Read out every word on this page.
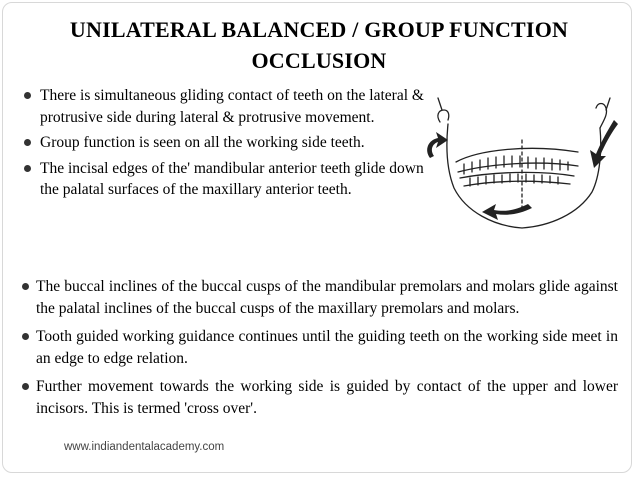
UNILATERAL BALANCED / GROUP FUNCTION
OCCLUSION
There is simultaneous gliding contact of teeth on the lateral & protrusive side during lateral & protrusive movement.
Group function is seen on all the working side teeth.
The incisal edges of the' mandibular anterior teeth glide down the palatal surfaces of the maxillary anterior teeth.
The buccal inclines of the buccal cusps of the mandibular premolars and molars glide against the palatal inclines of the buccal cusps of the maxillary premolars and molars.
Tooth guided working guidance continues until the guiding teeth on the working side meet in an edge to edge relation.
Further movement towards the working side is guided by contact of the upper and lower incisors. This is termed 'cross over'.
www.indiandentalacademy.com
